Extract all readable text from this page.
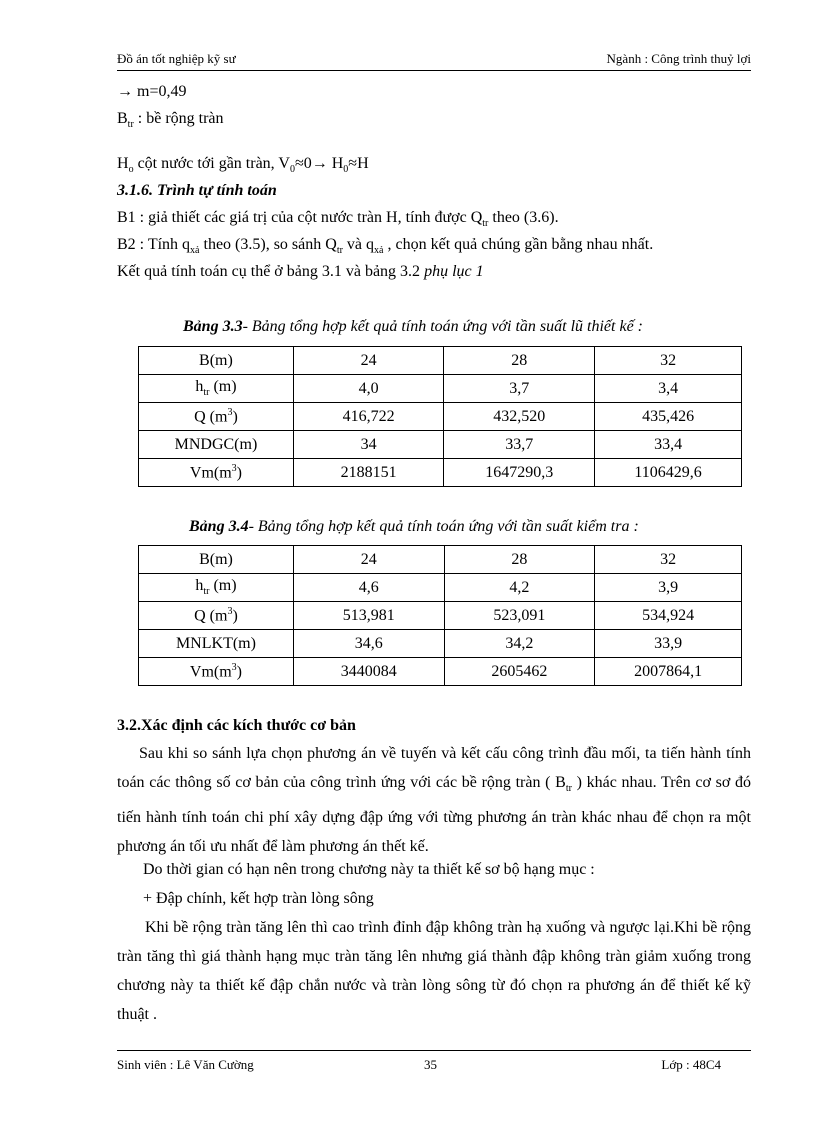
Đồ án tốt nghiệp kỹ sư	Ngành : Công trình thuỷ lợi
→ m=0,49
$B_{tr}$ : bề rộng tràn
$H_o$ cột nước tới gần tràn, $V_0\approx 0\to H_0\approx H$
3.1.6. Trình tự tính toán
B1 : giả thiết các giá trị của cột nước tràn H, tính được $Q_{tr}$ theo (3.6).
B2 : Tính $q_{xả}$ theo (3.5), so sánh $Q_{tr}$ và $q_{xả}$ , chọn kết quả chúng gần bằng nhau nhất.
Kết quả tính toán cụ thể ở bảng 3.1 và bảng 3.2 phụ lục 1
Bảng 3.3- Bảng tổng hợp kết quả tính toán ứng với tần suất lũ thiết kế :
B(m)	24	28	32
$h_{tr}$ (m)	4,0	3,7	3,4
Q $(m^3)$	416,722	432,520	435,426
MNDGC(m)	34	33,7	33,4
$Vm(m^3)$	2188151	1647290,3	1106429,6
Bảng 3.4- Bảng tổng hợp kết quả tính toán ứng với tần suất kiểm tra :
B(m)	24	28	32
$h_{tr}$ (m)	4,6	4,2	3,9
Q $(m^3)$	513,981	523,091	534,924
MNLKT(m)	34,6	34,2	33,9
$Vm(m^3)$	3440084	2605462	2007864,1
3.2.Xác định các kích thước cơ bản
Sau khi so sánh lựa chọn phương án về tuyến và kết cấu công trình đầu mối, ta tiến hành tính toán các thông số cơ bản của công trình ứng với các bề rộng tràn ( $B_{tr}$ ) khác nhau. Trên cơ sơ đó tiến hành tính toán chi phí xây dựng đập ứng với từng phương án tràn khác nhau để chọn ra một phương án tối ưu nhất để làm phương án thết kế.
Do thời gian có hạn nên trong chương này ta thiết kế sơ bộ hạng mục :
+ Đập chính, kết hợp tràn lòng sông
Khi bề rộng tràn tăng lên thì cao trình đỉnh đập không tràn hạ xuống và ngược lại.Khi bề rộng tràn tăng thì giá thành hạng mục tràn tăng lên nhưng giá thành đập không tràn giảm xuống trong chương này ta thiết kế đập chắn nước và tràn lòng sông từ đó chọn ra phương án để thiết kế kỹ thuật .
Sinh viên : Lê Văn Cường	35	Lớp : 48C4
